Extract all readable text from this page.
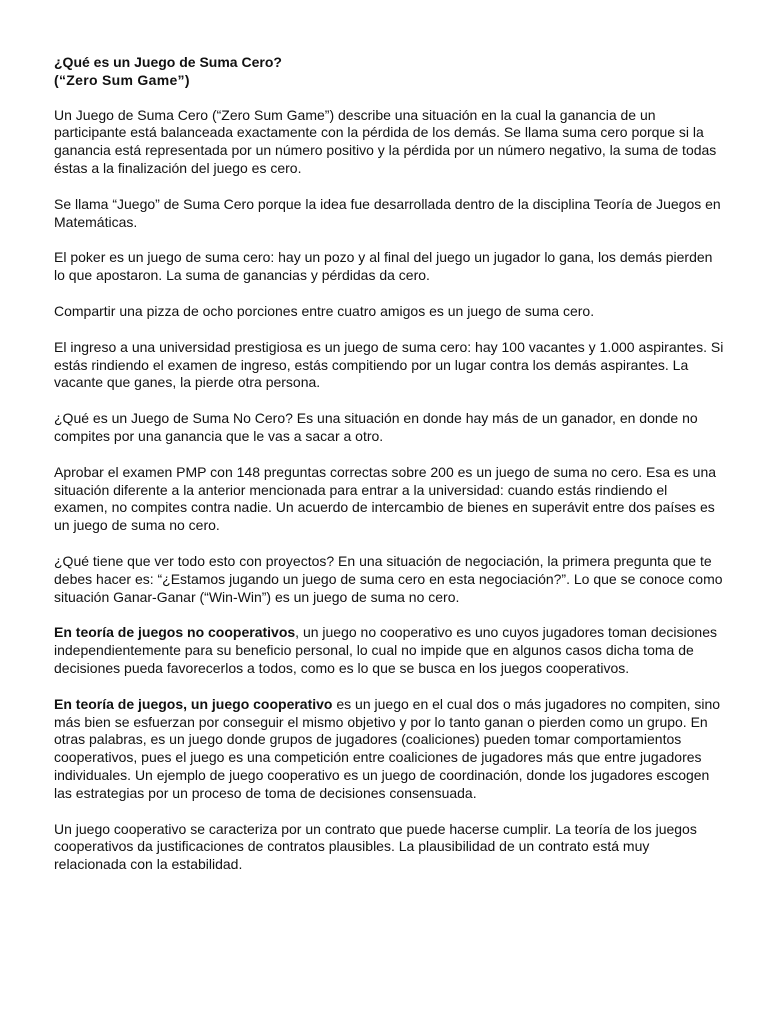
¿Qué es un Juego de Suma Cero?
(“Zero Sum Game”)

Un Juego de Suma Cero (“Zero Sum Game”) describe una situación en la cual la ganancia de un participante está balanceada exactamente con la pérdida de los demás. Se llama suma cero porque si la ganancia está representada por un número positivo y la pérdida por un número negativo, la suma de todas éstas a la finalización del juego es cero.

Se llama “Juego” de Suma Cero porque la idea fue desarrollada dentro de la disciplina Teoría de Juegos en Matemáticas.

El poker es un juego de suma cero: hay un pozo y al final del juego un jugador lo gana, los demás pierden lo que apostaron. La suma de ganancias y pérdidas da cero.

Compartir una pizza de ocho porciones entre cuatro amigos es un juego de suma cero.

El ingreso a una universidad prestigiosa es un juego de suma cero: hay 100 vacantes y 1.000 aspirantes. Si estás rindiendo el examen de ingreso, estás compitiendo por un lugar contra los demás aspirantes. La vacante que ganes, la pierde otra persona.

¿Qué es un Juego de Suma No Cero? Es una situación en donde hay más de un ganador, en donde no compites por una ganancia que le vas a sacar a otro.

Aprobar el examen PMP con 148 preguntas correctas sobre 200 es un juego de suma no cero. Esa es una situación diferente a la anterior mencionada para entrar a la universidad: cuando estás rindiendo el examen, no compites contra nadie. Un acuerdo de intercambio de bienes en superávit entre dos países es un juego de suma no cero.

¿Qué tiene que ver todo esto con proyectos? En una situación de negociación, la primera pregunta que te debes hacer es: “¿Estamos jugando un juego de suma cero en esta negociación?”. Lo que se conoce como situación Ganar-Ganar (“Win-Win”) es un juego de suma no cero.

En teoría de juegos no cooperativos, un juego no cooperativo es uno cuyos jugadores toman decisiones independientemente para su beneficio personal, lo cual no impide que en algunos casos dicha toma de decisiones pueda favorecerlos a todos, como es lo que se busca en los juegos cooperativos.

En teoría de juegos, un juego cooperativo es un juego en el cual dos o más jugadores no compiten, sino más bien se esfuerzan por conseguir el mismo objetivo y por lo tanto ganan o pierden como un grupo. En otras palabras, es un juego donde grupos de jugadores (coaliciones) pueden tomar comportamientos cooperativos, pues el juego es una competición entre coaliciones de jugadores más que entre jugadores individuales. Un ejemplo de juego cooperativo es un juego de coordinación, donde los jugadores escogen las estrategias por un proceso de toma de decisiones consensuada.

Un juego cooperativo se caracteriza por un contrato que puede hacerse cumplir. La teoría de los juegos cooperativos da justificaciones de contratos plausibles. La plausibilidad de un contrato está muy relacionada con la estabilidad.
